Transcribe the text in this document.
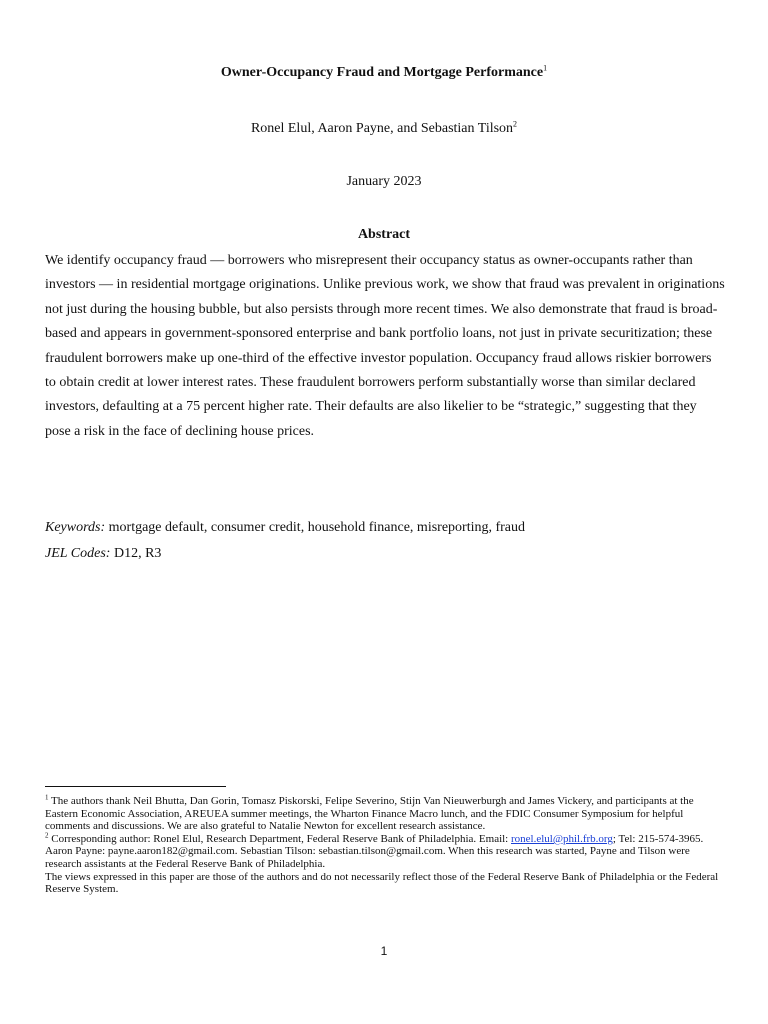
Owner-Occupancy Fraud and Mortgage Performance$^1$
Ronel Elul, Aaron Payne, and Sebastian Tilson$^2$
January 2023
Abstract
We identify occupancy fraud — borrowers who misrepresent their occupancy status as owner-occupants rather than investors — in residential mortgage originations. Unlike previous work, we show that fraud was prevalent in originations not just during the housing bubble, but also persists through more recent times. We also demonstrate that fraud is broad-based and appears in government-sponsored enterprise and bank portfolio loans, not just in private securitization; these fraudulent borrowers make up one-third of the effective investor population. Occupancy fraud allows riskier borrowers to obtain credit at lower interest rates. These fraudulent borrowers perform substantially worse than similar declared investors, defaulting at a 75 percent higher rate. Their defaults are also likelier to be “strategic,” suggesting that they pose a risk in the face of declining house prices.
Keywords: mortgage default, consumer credit, household finance, misreporting, fraud
JEL Codes: D12, R3

$^1$ The authors thank Neil Bhutta, Dan Gorin, Tomasz Piskorski, Felipe Severino, Stijn Van Nieuwerburgh and James Vickery, and participants at the Eastern Economic Association, AREUEA summer meetings, the Wharton Finance Macro lunch, and the FDIC Consumer Symposium for helpful comments and discussions. We are also grateful to Natalie Newton for excellent research assistance.

$^2$ Corresponding author: Ronel Elul, Research Department, Federal Reserve Bank of Philadelphia. Email: ronel.elul@phil.frb.org; Tel: 215-574-3965. Aaron Payne: payne.aaron182@gmail.com. Sebastian Tilson: sebastian.tilson@gmail.com. When this research was started, Payne and Tilson were research assistants at the Federal Reserve Bank of Philadelphia.

The views expressed in this paper are those of the authors and do not necessarily reflect those of the Federal Reserve Bank of Philadelphia or the Federal Reserve System.

1
